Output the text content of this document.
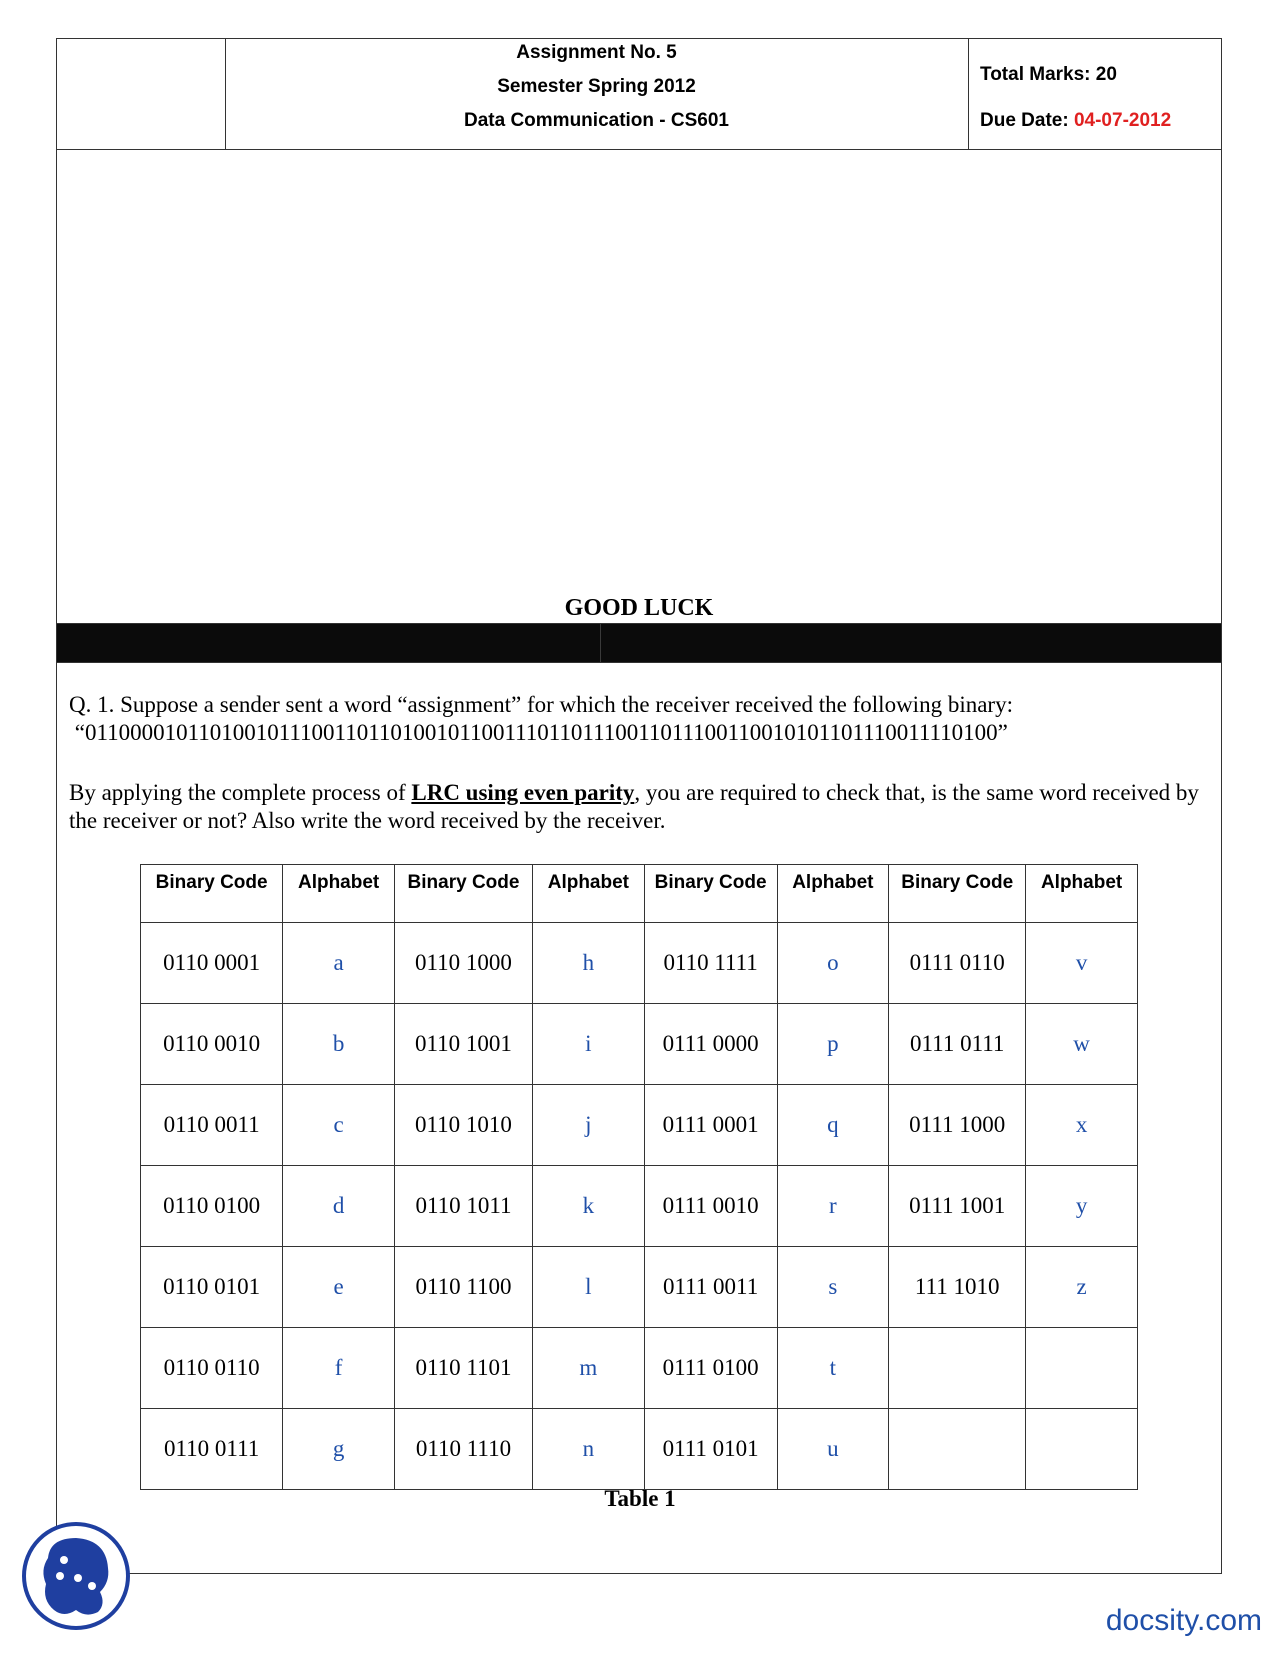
Assignment No. 5
Semester Spring 2012
Data Communication - CS601
Total Marks: 20
Due Date: 04-07-2012
GOOD LUCK
Q. 1. Suppose a sender sent a word “assignment” for which the receiver received the following binary:
“011000010110100101110011011010010110011101101110011011100110010101101110011110100”
By applying the complete process of LRC using even parity, you are required to check that, is the same word received by the receiver or not? Also write the word received by the receiver.
Binary Code	Alphabet	Binary Code	Alphabet	Binary Code	Alphabet	Binary Code	Alphabet
0110 0001	a	0110 1000	h	0110 1111	o	0111 0110	v
0110 0010	b	0110 1001	i	0111 0000	p	0111 0111	w
0110 0011	c	0110 1010	j	0111 0001	q	0111 1000	x
0110 0100	d	0110 1011	k	0111 0010	r	0111 1001	y
0110 0101	e	0110 1100	l	0111 0011	s	111 1010	z
0110 0110	f	0110 1101	m	0111 0100	t		
0110 0111	g	0110 1110	n	0111 0101	u		
Table 1
docsity.com
